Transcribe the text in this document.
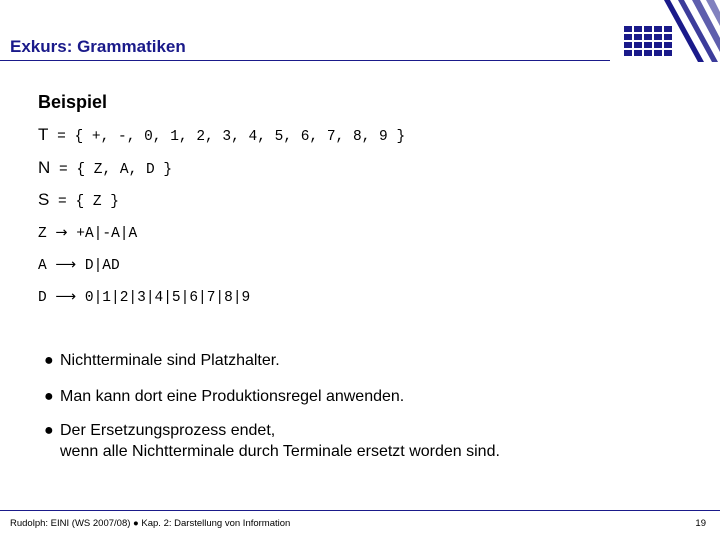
Exkurs: Grammatiken
Beispiel
T = { +, -, 0, 1, 2, 3, 4, 5, 6, 7, 8, 9 }
N = { Z, A, D }
S = { Z }
Z → +A|-A|A
A ⟶ D|AD
D ⟶ 0|1|2|3|4|5|6|7|8|9
● Nichtterminale sind Platzhalter.
● Man kann dort eine Produktionsregel anwenden.
● Der Ersetzungsprozess endet,
wenn alle Nichtterminale durch Terminale ersetzt worden sind.
Rudolph: EINI (WS 2007/08) ● Kap. 2: Darstellung von Information	19
